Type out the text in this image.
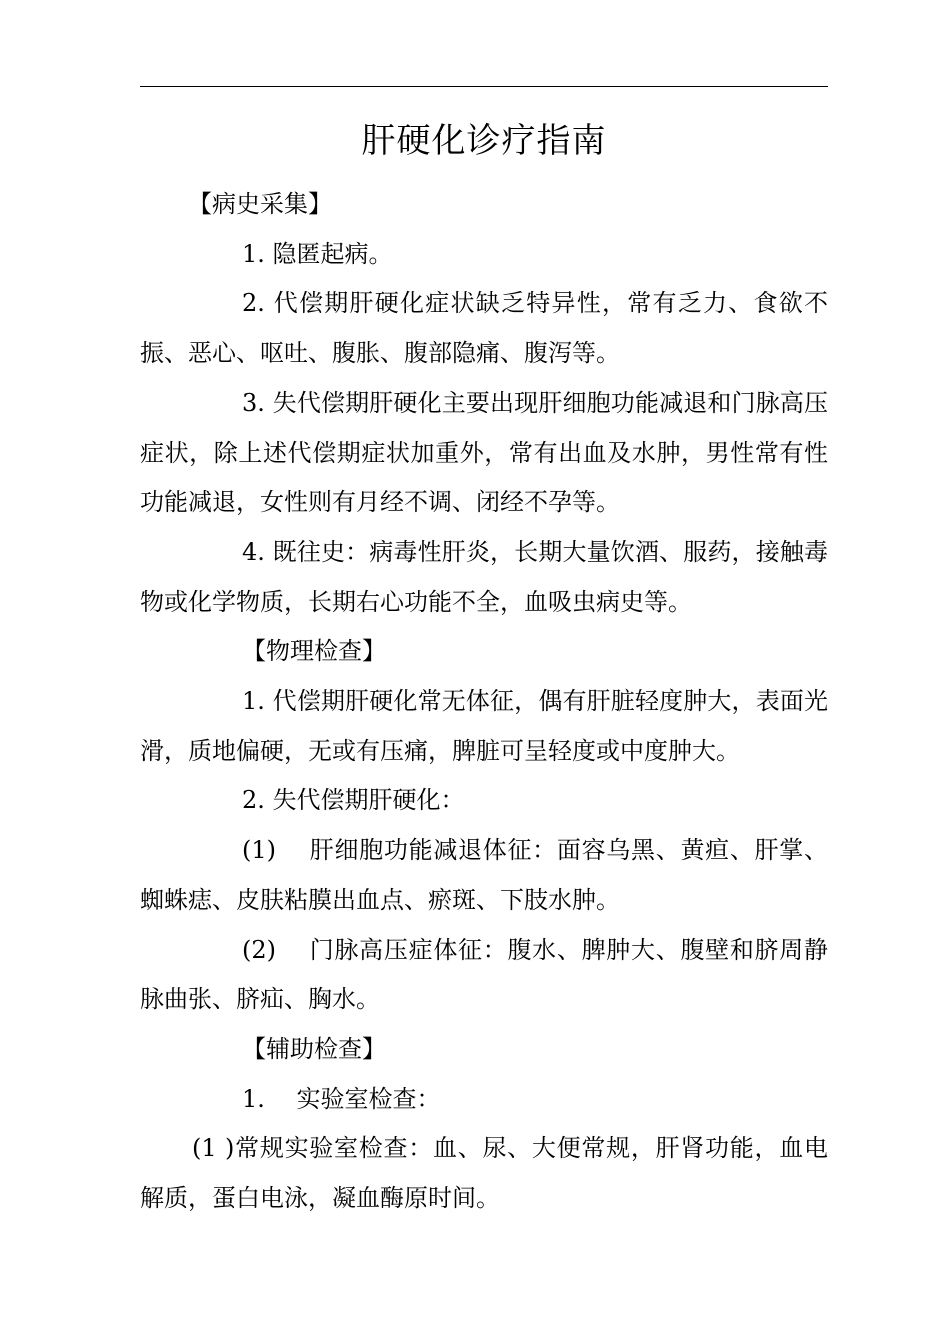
肝硬化诊疗指南

【病史采集】

1. 隐匿起病。

2. 代偿期肝硬化症状缺乏特异性，常有乏力、食欲不振、恶心、呕吐、腹胀、腹部隐痛、腹泻等。

3. 失代偿期肝硬化主要出现肝细胞功能减退和门脉高压症状，除上述代偿期症状加重外，常有出血及水肿，男性常有性功能减退，女性则有月经不调、闭经不孕等。

4. 既往史：病毒性肝炎，长期大量饮酒、服药，接触毒物或化学物质，长期右心功能不全，血吸虫病史等。

【物理检查】

1. 代偿期肝硬化常无体征，偶有肝脏轻度肿大，表面光滑，质地偏硬，无或有压痛，脾脏可呈轻度或中度肿大。

2. 失代偿期肝硬化：

(1)　 肝细胞功能减退体征：面容乌黑、黄疸、肝掌、蜘蛛痣、皮肤粘膜出血点、瘀斑、下肢水肿。

(2)　 门脉高压症体征：腹水、脾肿大、腹壁和脐周静脉曲张、脐疝、胸水。

【辅助检查】

1.　 实验室检查：

(1 )常规实验室检查：血、尿、大便常规，肝肾功能，血电解质，蛋白电泳，凝血酶原时间。
